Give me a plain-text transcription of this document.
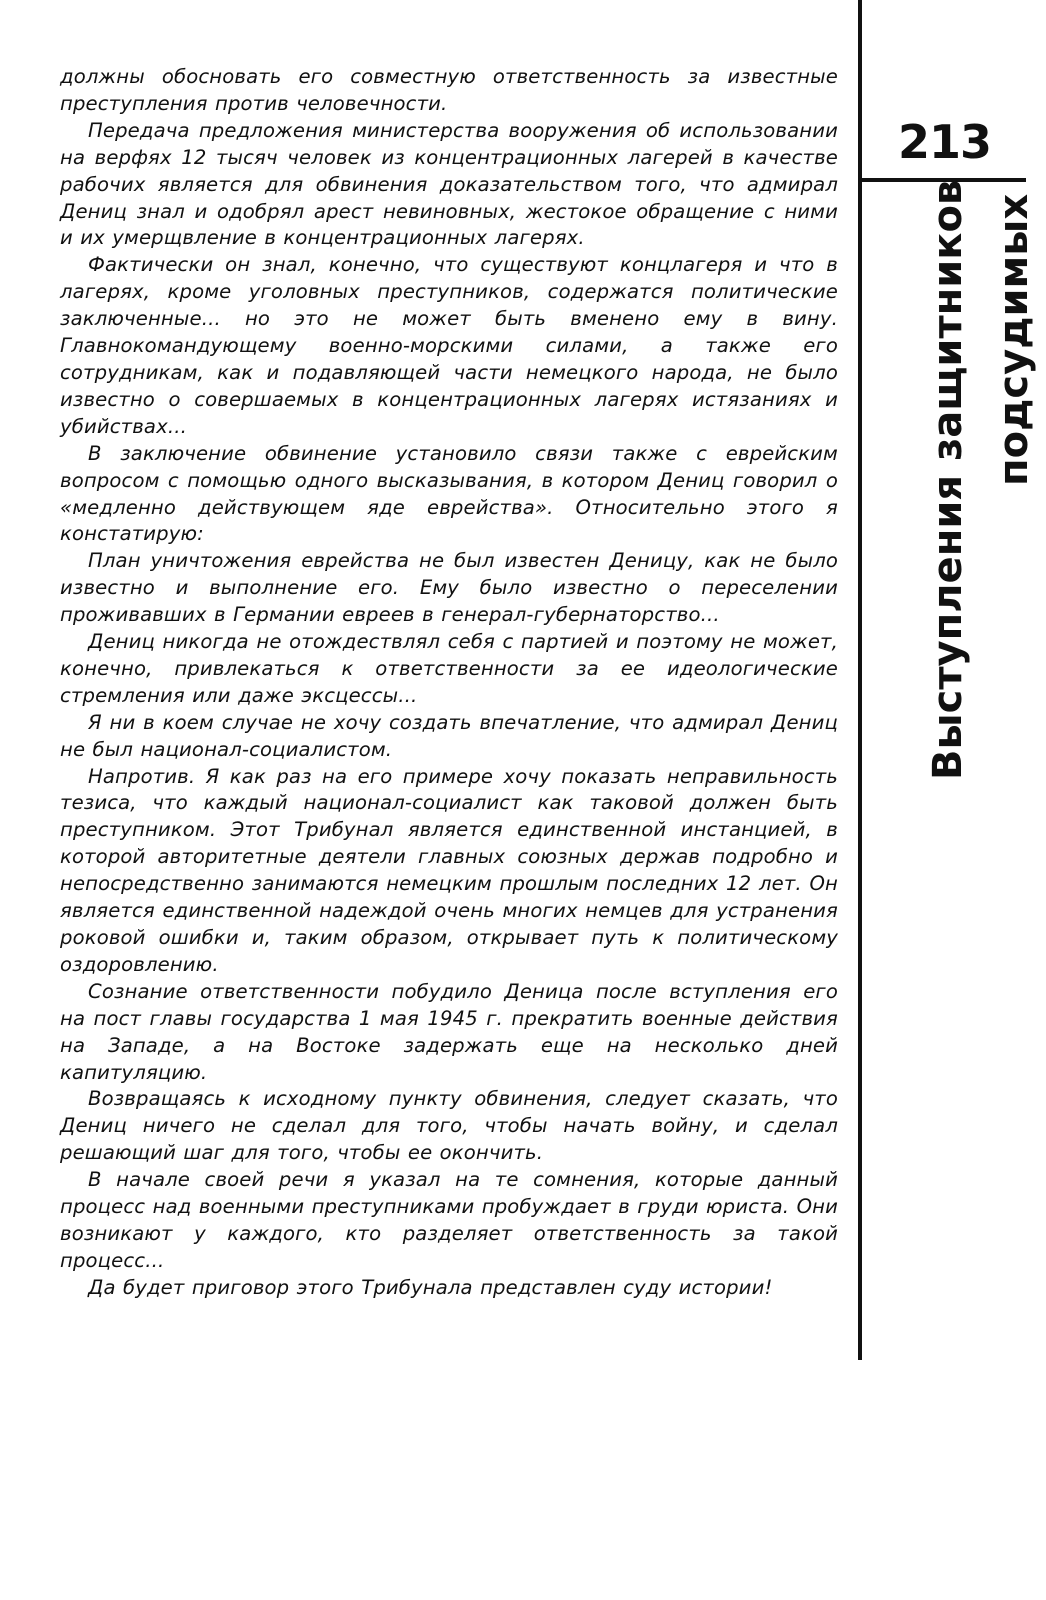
должны обосновать его совместную ответственность за известные преступления против человечности.

Передача предложения министерства вооружения об использовании на верфях 12 тысяч человек из концентрационных лагерей в качестве рабочих является для обвинения доказательством того, что адмирал Дениц знал и одобрял арест невиновных, жестокое обращение с ними и их умерщвление в концентрационных лагерях.

Фактически он знал, конечно, что существуют концлагеря и что в лагерях, кроме уголовных преступников, содержатся политические заключенные... но это не может быть вменено ему в вину. Главнокомандующему военно-морскими силами, а также его сотрудникам, как и подавляющей части немецкого народа, не было известно о совершаемых в концентрационных лагерях истязаниях и убийствах...

В заключение обвинение установило связи также с еврейским вопросом с помощью одного высказывания, в котором Дениц говорил о «медленно действующем яде еврейства». Относительно этого я констатирую:

План уничтожения еврейства не был известен Деницу, как не было известно и выполнение его. Ему было известно о переселении проживавших в Германии евреев в генерал-губернаторство...

Дениц никогда не отождествлял себя с партией и поэтому не может, конечно, привлекаться к ответственности за ее идеологические стремления или даже эксцессы...

Я ни в коем случае не хочу создать впечатление, что адмирал Дениц не был национал-социалистом.

Напротив. Я как раз на его примере хочу показать неправильность тезиса, что каждый национал-социалист как таковой должен быть преступником. Этот Трибунал является единственной инстанцией, в которой авторитетные деятели главных союзных держав подробно и непосредственно занимаются немецким прошлым последних 12 лет. Он является единственной надеждой очень многих немцев для устранения роковой ошибки и, таким образом, открывает путь к политическому оздоровлению.

Сознание ответственности побудило Деница после вступления его на пост главы государства 1 мая 1945 г. прекратить военные действия на Западе, а на Востоке задержать еще на несколько дней капитуляцию.

Возвращаясь к исходному пункту обвинения, следует сказать, что Дениц ничего не сделал для того, чтобы начать войну, и сделал решающий шаг для того, чтобы ее окончить.

В начале своей речи я указал на те сомнения, которые данный процесс над военными преступниками пробуждает в груди юриста. Они возникают у каждого, кто разделяет ответственность за такой процесс...

Да будет приговор этого Трибунала представлен суду истории!

213
Выступления защитников подсудимых
